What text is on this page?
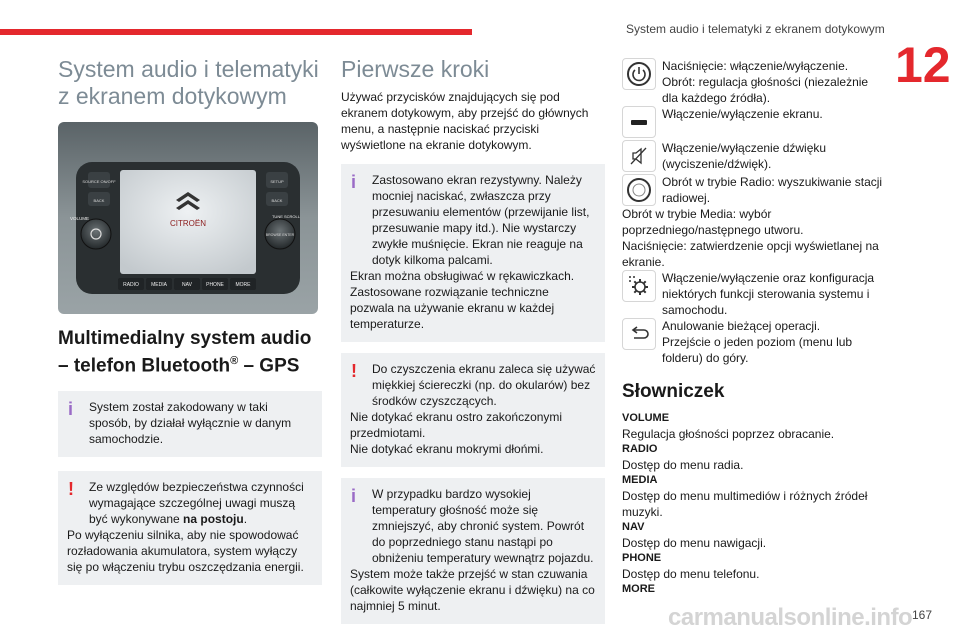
System audio i telematyki z ekranem dotykowym
12
System audio i telematyki z ekranem dotykowym
CITROËN
SOURCE ON/OFF
BACK
SETUP
BACK
VOLUME	TUNE SCROLL
BROWSE ENTER
RADIO MEDIA	NAV	PHONE MORE
Multimedialny system audio – telefon Bluetooth® – GPS
i	System został zakodowany w taki sposób, by działał wyłącznie w danym samochodzie.
!	Ze względów bezpieczeństwa czynności wymagające szczególnej uwagi muszą być wykonywane na postoju.
Po wyłączeniu silnika, aby nie spowodować rozładowania akumulatora, system wyłączy się po włączeniu trybu oszczędzania energii.
Pierwsze kroki

Używać przycisków znajdujących się pod ekranem dotykowym, aby przejść do głównych menu, a następnie naciskać przyciski wyświetlone na ekranie dotykowym.

i	Zastosowano ekran rezystywny. Należy mocniej naciskać, zwłaszcza przy przesuwaniu elementów (przewijanie list, przesuwanie mapy itd.). Nie wystarczy zwykłe muśnięcie. Ekran nie reaguje na dotyk kilkoma palcami.
Ekran można obsługiwać w rękawiczkach.
Zastosowane rozwiązanie techniczne pozwala na używanie ekranu w każdej temperaturze.
!	Do czyszczenia ekranu zaleca się używać miękkiej ściereczki (np. do okularów) bez środków czyszczących.
Nie dotykać ekranu ostro zakończonymi przedmiotami.
Nie dotykać ekranu mokrymi dłońmi.
i	W przypadku bardzo wysokiej temperatury głośność może się zmniejszyć, aby chronić system. Powrót do poprzedniego stanu nastąpi po obniżeniu temperatury wewnątrz pojazdu.
System może także przejść w stan czuwania (całkowite wyłączenie ekranu i dźwięku) na co najmniej 5 minut.
Naciśnięcie: włączenie/wyłączenie.
Obrót: regulacja głośności (niezależnie dla każdego źródła).
Włączenie/wyłączenie ekranu.
Włączenie/wyłączenie dźwięku (wyciszenie/dźwięk).
Obrót w trybie Radio: wyszukiwanie stacji radiowej.
Obrót w trybie Media: wybór poprzedniego/następnego utworu.
Naciśnięcie: zatwierdzenie opcji wyświetlanej na ekranie.
Włączenie/wyłączenie oraz konfiguracja niektórych funkcji sterowania systemu i samochodu.
Anulowanie bieżącej operacji.
Przejście o jeden poziom (menu lub folderu) do góry.
Słowniczek
VOLUME
Regulacja głośności poprzez obracanie.
RADIO
Dostęp do menu radia.
MEDIA
Dostęp do menu multimediów i różnych źródeł muzyki.
NAV
Dostęp do menu nawigacji.
PHONE
Dostęp do menu telefonu.
MORE
carmanualsonline.info 167
